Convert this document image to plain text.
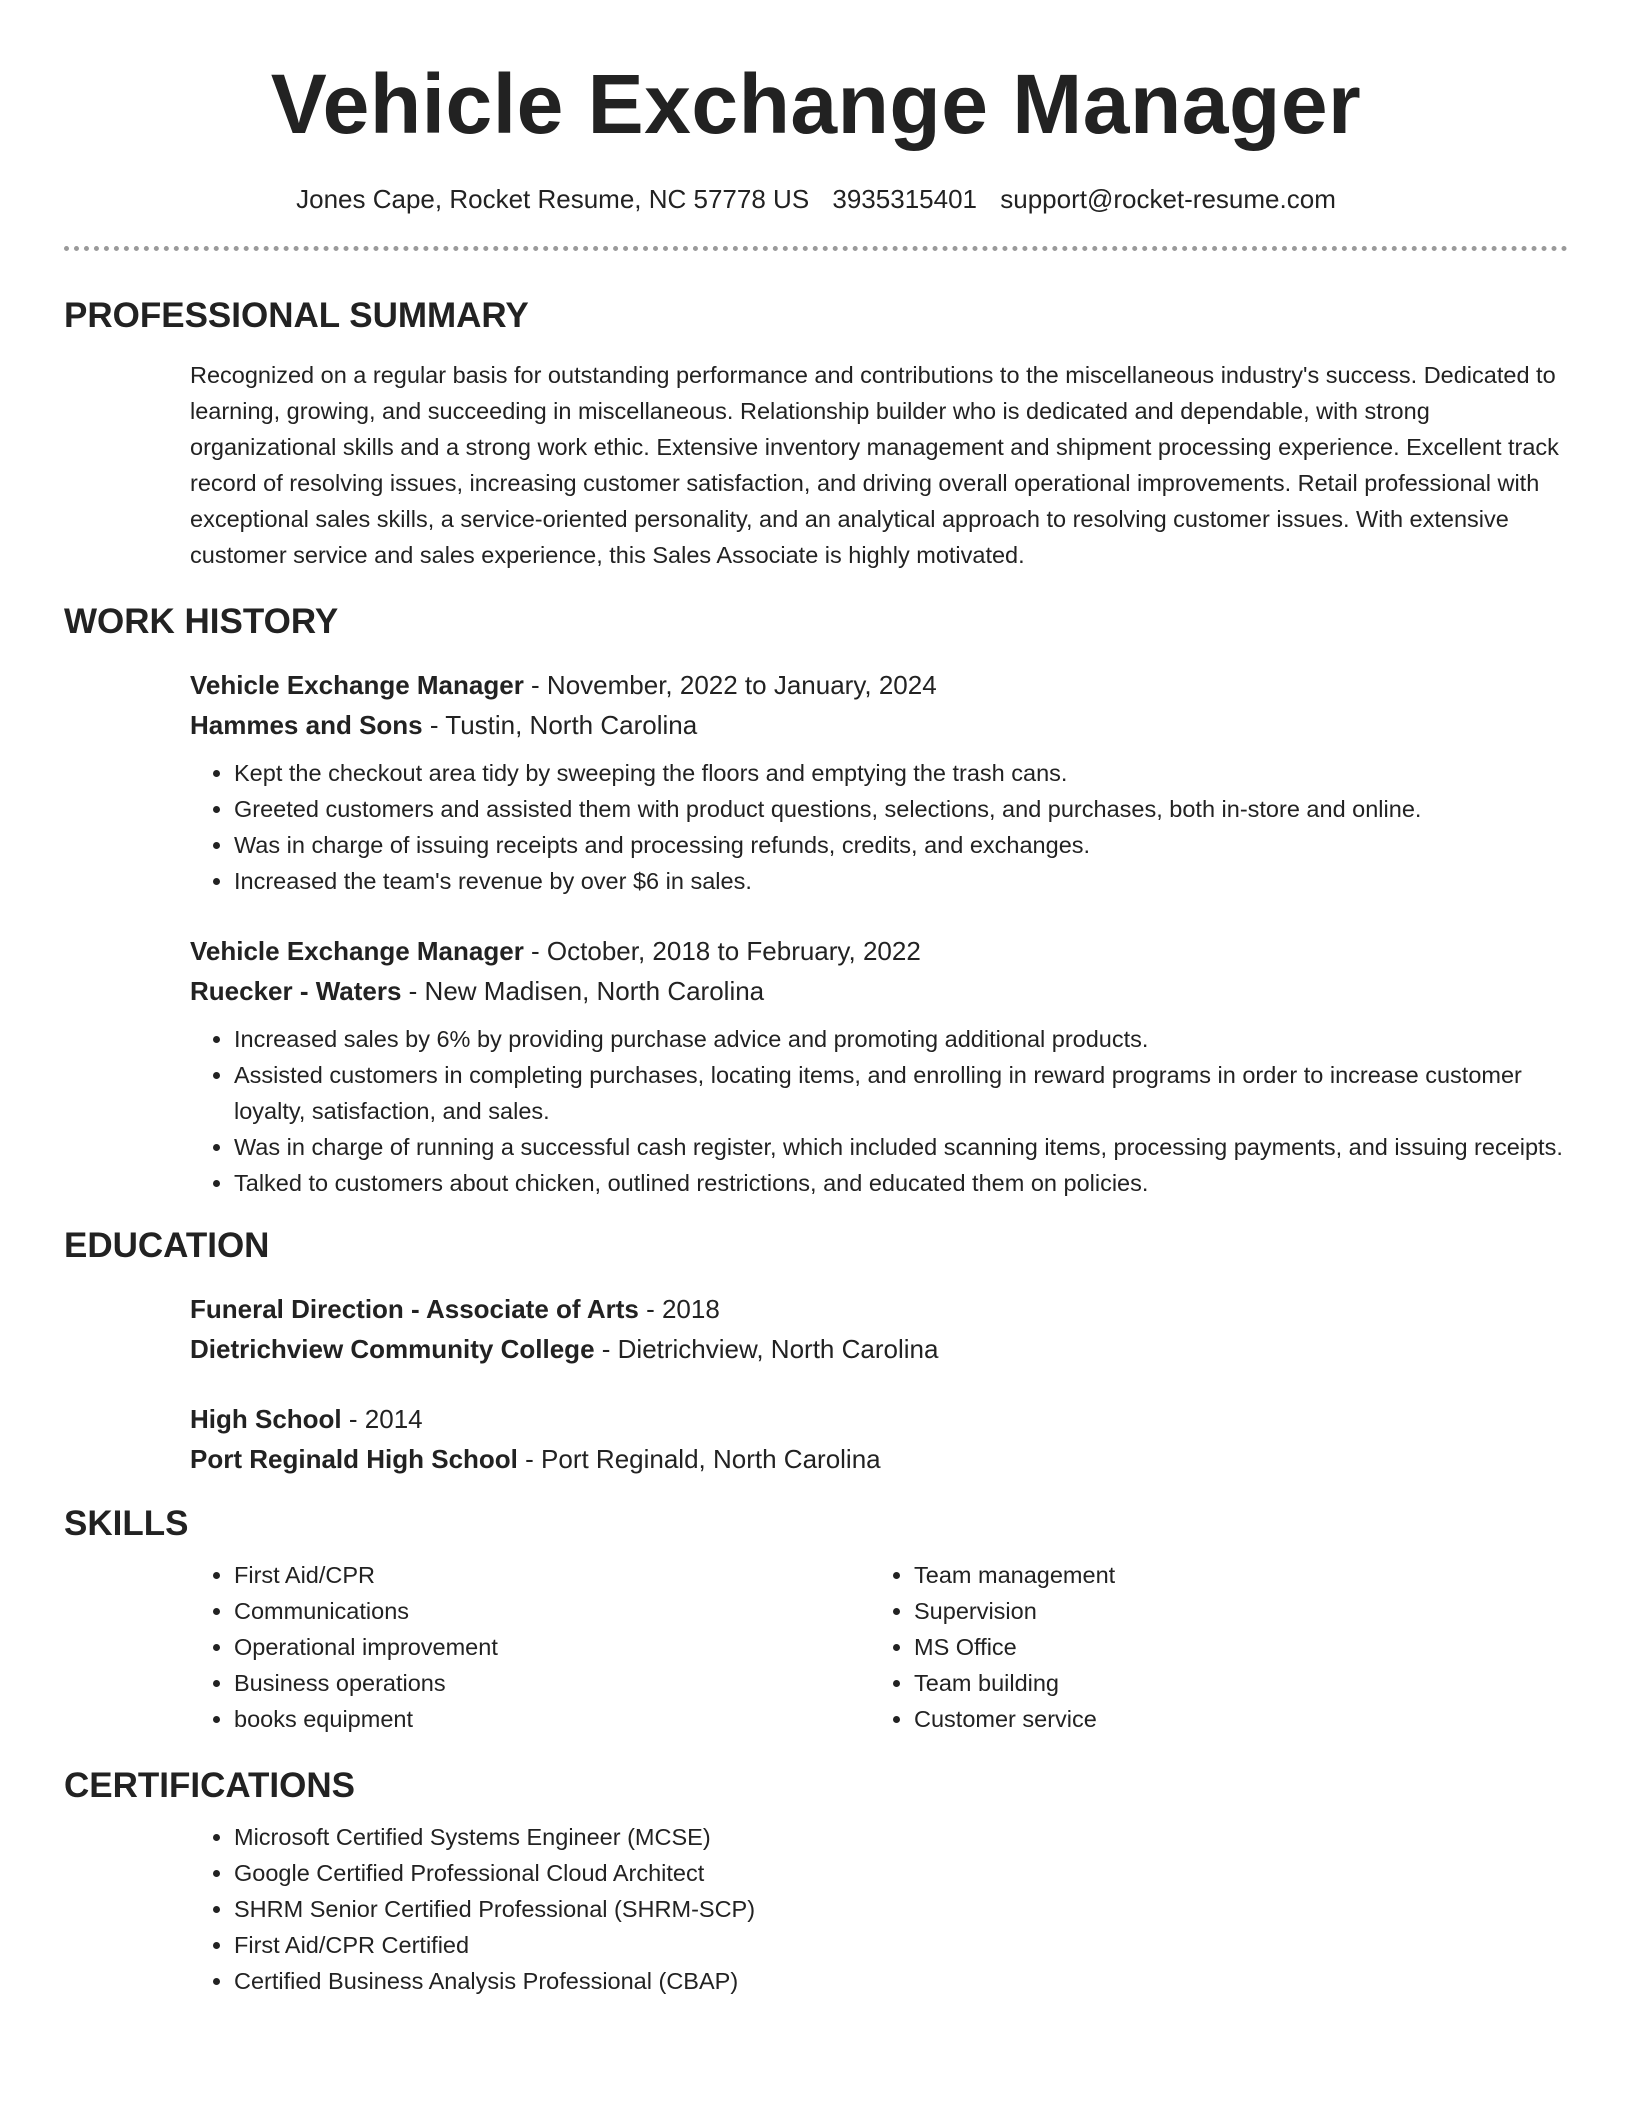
Vehicle Exchange Manager
Jones Cape, Rocket Resume, NC 57778 US 3935315401 support@rocket-resume.com
PROFESSIONAL SUMMARY
Recognized on a regular basis for outstanding performance and contributions to the miscellaneous industry's success. Dedicated to learning, growing, and succeeding in miscellaneous. Relationship builder who is dedicated and dependable, with strong organizational skills and a strong work ethic. Extensive inventory management and shipment processing experience. Excellent track record of resolving issues, increasing customer satisfaction, and driving overall operational improvements. Retail professional with exceptional sales skills, a service-oriented personality, and an analytical approach to resolving customer issues. With extensive customer service and sales experience, this Sales Associate is highly motivated.
WORK HISTORY
Vehicle Exchange Manager - November, 2022 to January, 2024
Hammes and Sons - Tustin, North Carolina
• Kept the checkout area tidy by sweeping the floors and emptying the trash cans.
• Greeted customers and assisted them with product questions, selections, and purchases, both in-store and online.
• Was in charge of issuing receipts and processing refunds, credits, and exchanges.
• Increased the team's revenue by over $6 in sales.
Vehicle Exchange Manager - October, 2018 to February, 2022
Ruecker - Waters - New Madisen, North Carolina
• Increased sales by 6% by providing purchase advice and promoting additional products.
• Assisted customers in completing purchases, locating items, and enrolling in reward programs in order to increase customer loyalty, satisfaction, and sales.
• Was in charge of running a successful cash register, which included scanning items, processing payments, and issuing receipts.
• Talked to customers about chicken, outlined restrictions, and educated them on policies.
EDUCATION
Funeral Direction - Associate of Arts - 2018
Dietrichview Community College - Dietrichview, North Carolina
High School - 2014
Port Reginald High School - Port Reginald, North Carolina
SKILLS
• First Aid/CPR
• Communications
• Operational improvement
• Business operations
• books equipment
• Team management
• Supervision
• MS Office
• Team building
• Customer service
CERTIFICATIONS
• Microsoft Certified Systems Engineer (MCSE)
• Google Certified Professional Cloud Architect
• SHRM Senior Certified Professional (SHRM-SCP)
• First Aid/CPR Certified
• Certified Business Analysis Professional (CBAP)
